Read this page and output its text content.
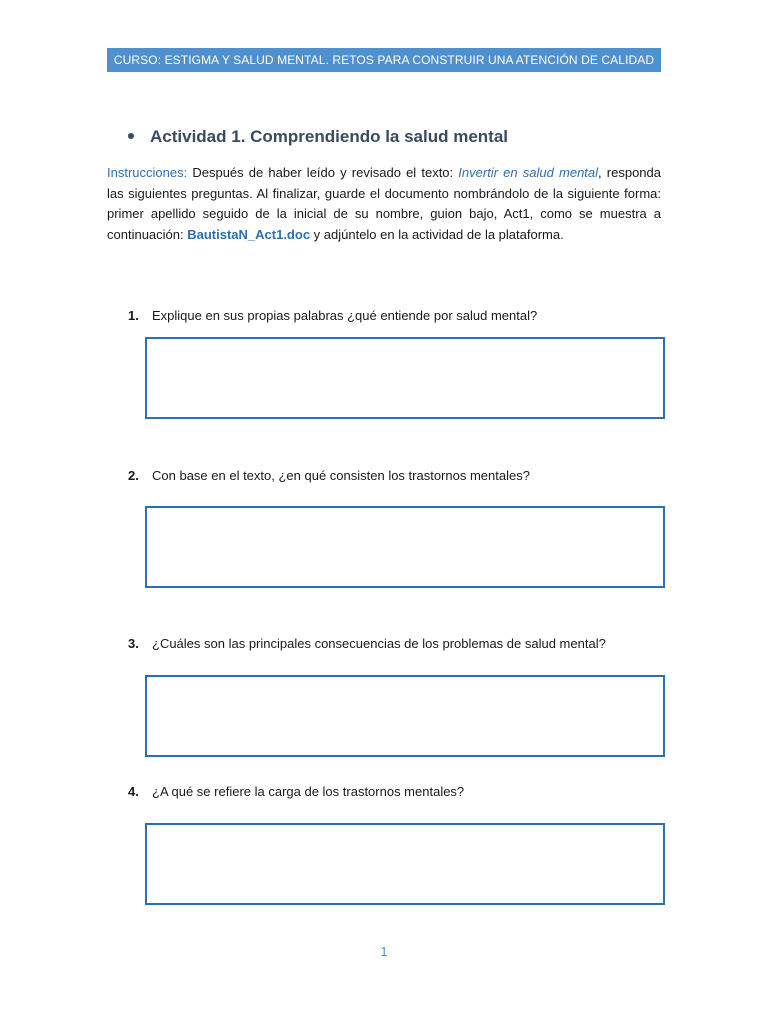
CURSO: ESTIGMA Y SALUD MENTAL. RETOS PARA CONSTRUIR UNA ATENCIÓN DE CALIDAD
Actividad 1. Comprendiendo la salud mental
Instrucciones: Después de haber leído y revisado el texto: Invertir en salud mental, responda las siguientes preguntas. Al finalizar, guarde el documento nombrándolo de la siguiente forma: primer apellido seguido de la inicial de su nombre, guion bajo, Act1, como se muestra a continuación: BautistaN_Act1.doc y adjúntelo en la actividad de la plataforma.
1. Explique en sus propias palabras ¿qué entiende por salud mental?
2. Con base en el texto, ¿en qué consisten los trastornos mentales?
3. ¿Cuáles son las principales consecuencias de los problemas de salud mental?
4. ¿A qué se refiere la carga de los trastornos mentales?
1
